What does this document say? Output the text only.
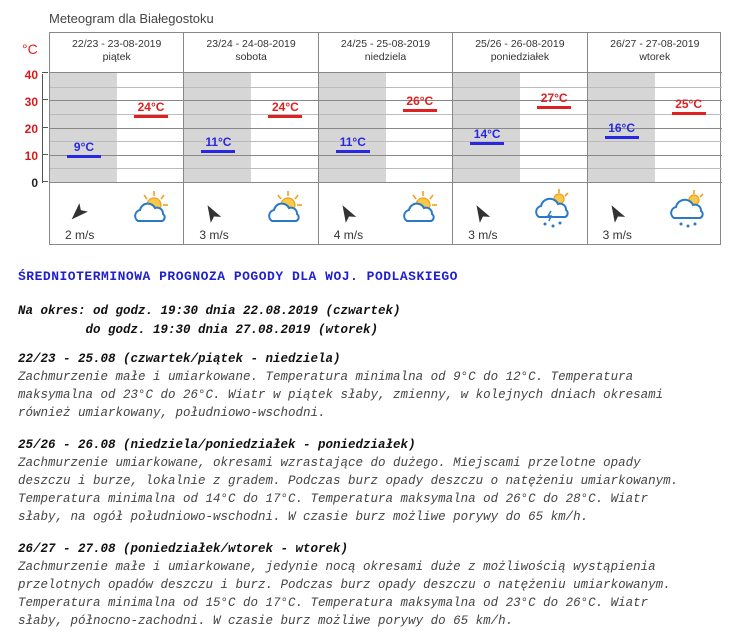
Meteogram dla Białegostoku
°C
40
30
20
10
0
22/23 - 23-08-2019
piątek
9°C
24°C
2 m/s
23/24 - 24-08-2019
sobota
11°C
24°C
3 m/s
24/25 - 25-08-2019
niedziela
11°C
26°C
4 m/s
25/26 - 26-08-2019
poniedziałek
14°C
27°C
3 m/s
26/27 - 27-08-2019
wtorek
16°C
25°C
3 m/s
ŚREDNIOTERMINOWA PROGNOZA POGODY DLA WOJ. PODLASKIEGO
Na okres: od godz. 19:30 dnia 22.08.2019 (czwartek)
do godz. 19:30 dnia 27.08.2019 (wtorek)
22/23 - 25.08 (czwartek/piątek - niedziela)

Zachmurzenie małe i umiarkowane. Temperatura minimalna od 9°C do 12°C. Temperatura

maksymalna od 23°C do 26°C. Wiatr w piątek słaby, zmienny, w kolejnych dniach okresami

również umiarkowany, południowo-wschodni.

25/26 - 26.08 (niedziela/poniedziałek - poniedziałek)

Zachmurzenie umiarkowane, okresami wzrastające do dużego. Miejscami przelotne opady

deszczu i burze, lokalnie z gradem. Podczas burz opady deszczu o natężeniu umiarkowanym.

Temperatura minimalna od 14°C do 17°C. Temperatura maksymalna od 26°C do 28°C. Wiatr

słaby, na ogół południowo-wschodni. W czasie burz możliwe porywy do 65 km/h.

26/27 - 27.08 (poniedziałek/wtorek - wtorek)

Zachmurzenie małe i umiarkowane, jedynie nocą okresami duże z możliwością wystąpienia

przelotnych opadów deszczu i burz. Podczas burz opady deszczu o natężeniu umiarkowanym.

Temperatura minimalna od 15°C do 17°C. Temperatura maksymalna od 23°C do 26°C. Wiatr

słaby, północno-zachodni. W czasie burz możliwe porywy do 65 km/h.
